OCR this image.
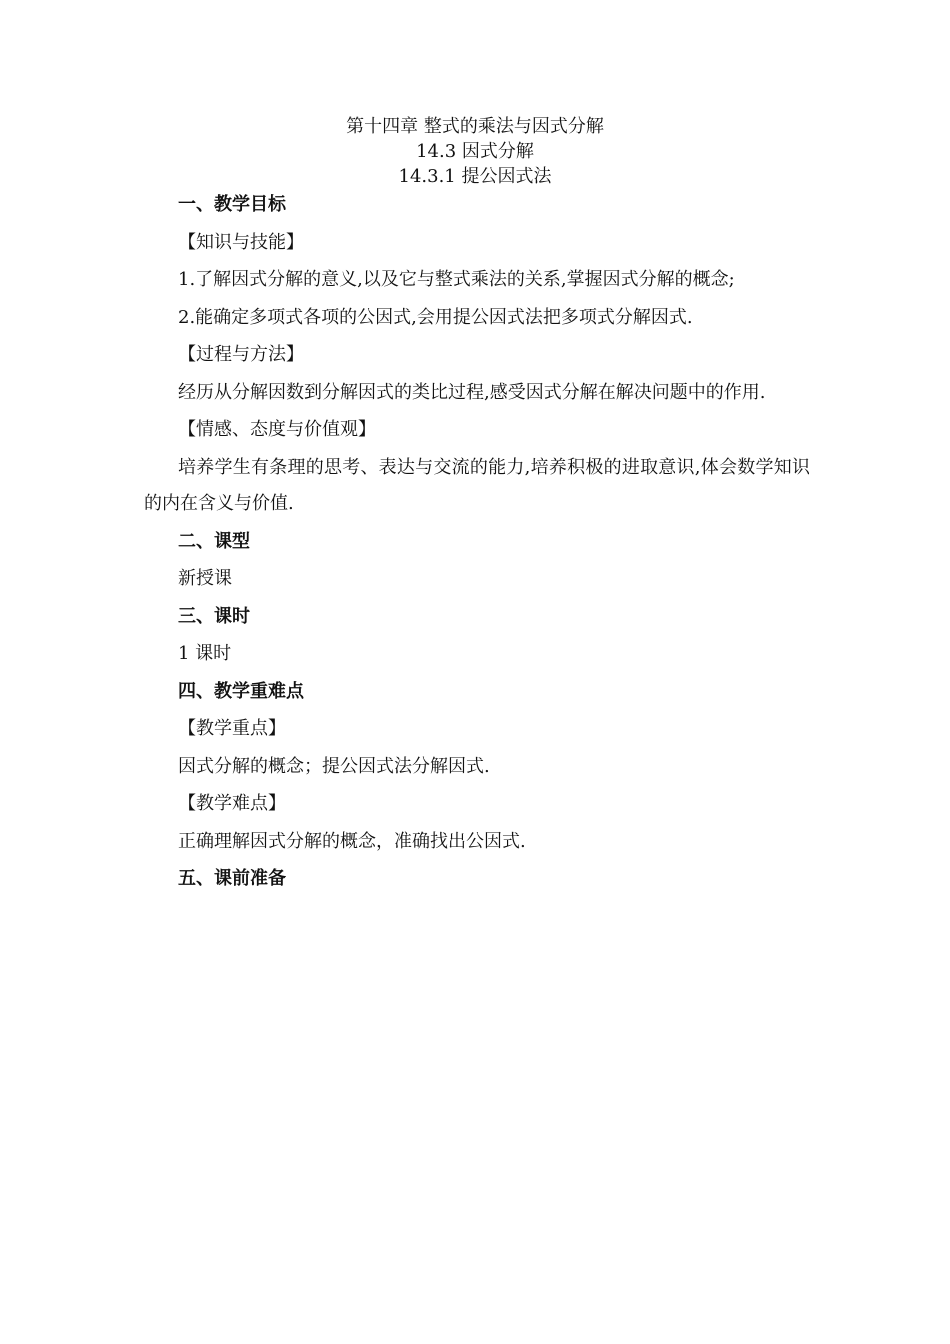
第十四章 整式的乘法与因式分解
14.3 因式分解
14.3.1 提公因式法
一、教学目标
【知识与技能】
1.了解因式分解的意义,以及它与整式乘法的关系,掌握因式分解的概念;
2.能确定多项式各项的公因式,会用提公因式法把多项式分解因式.
【过程与方法】
经历从分解因数到分解因式的类比过程,感受因式分解在解决问题中的作用.
【情感、态度与价值观】

培养学生有条理的思考、表达与交流的能力,培养积极的进取意识,体会数学知识的内在含义与价值.

二、课型
新授课
三、课时
1 课时
四、教学重难点
【教学重点】
因式分解的概念；提公因式法分解因式.
【教学难点】
正确理解因式分解的概念，准确找出公因式.
五、课前准备
